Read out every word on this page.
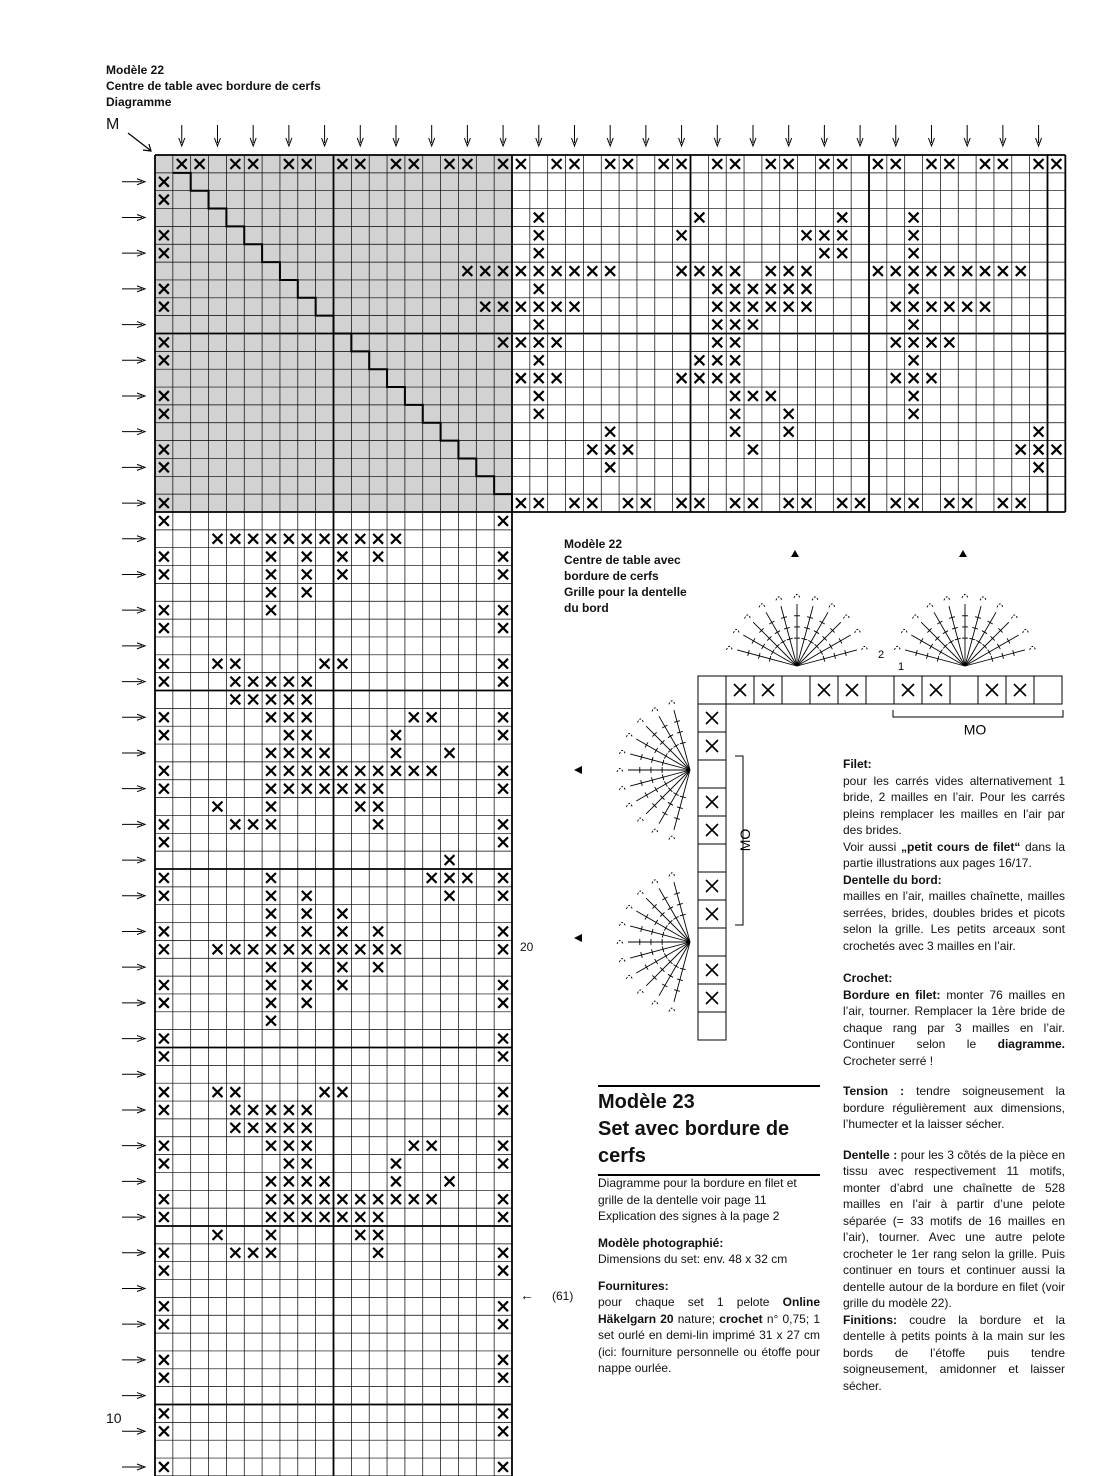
Modèle 22
Centre de table avec bordure de cerfs
Diagramme
M
20
← (61)
Modèle 22
Centre de table avec
bordure de cerfs
Grille pour la dentelle
du bord
MO
MO
1
2
Filet:
pour les carrés vides alternativement 1 bride, 2 mailles en l’air. Pour les carrés pleins remplacer les mailles en l’air par des brides.
Voir aussi „petit cours de filet“ dans la partie illustrations aux pages 16/17.
Dentelle du bord:
mailles en l’air, mailles chaînette, mailles serrées, brides, doubles brides et picots selon la grille. Les petits arceaux sont crochetés avec 3 mailles en l’air.
Crochet:
Bordure en filet: monter 76 mailles en l’air, tourner. Remplacer la 1ère bride de chaque rang par 3 mailles en l’air. Continuer selon le diagramme. Crocheter serré !
Tension : tendre soigneusement la bordure régulièrement aux dimensions, l’humecter et la laisser sécher.
Dentelle : pour les 3 côtés de la pièce en tissu avec respectivement 11 motifs, monter d’abrd une chaînette de 528 mailles en l’air à partir d’une pelote séparée (= 33 motifs de 16 mailles en l’air), tourner. Avec une autre pelote crocheter le 1er rang selon la grille. Puis continuer en tours et continuer aussi la dentelle autour de la bordure en filet (voir grille du modèle 22).
Finitions: coudre la bordure et la dentelle à petits points à la main sur les bords de l’étoffe puis tendre soigneusement, amidonner et laisser sécher.
Modèle 23
Set avec bordure de
cerfs
Diagramme pour la bordure en filet et grille de la dentelle voir page 11 Explication des signes à la page 2
Modèle photographié:
Dimensions du set: env. 48 x 32 cm
Fournitures:
pour chaque set 1 pelote Online Häkelgarn 20 nature; crochet n° 0,75; 1 set ourlé en demi-lin imprimé 31 x 27 cm (ici: fourniture personnelle ou étoffe pour nappe ourlée.
10
